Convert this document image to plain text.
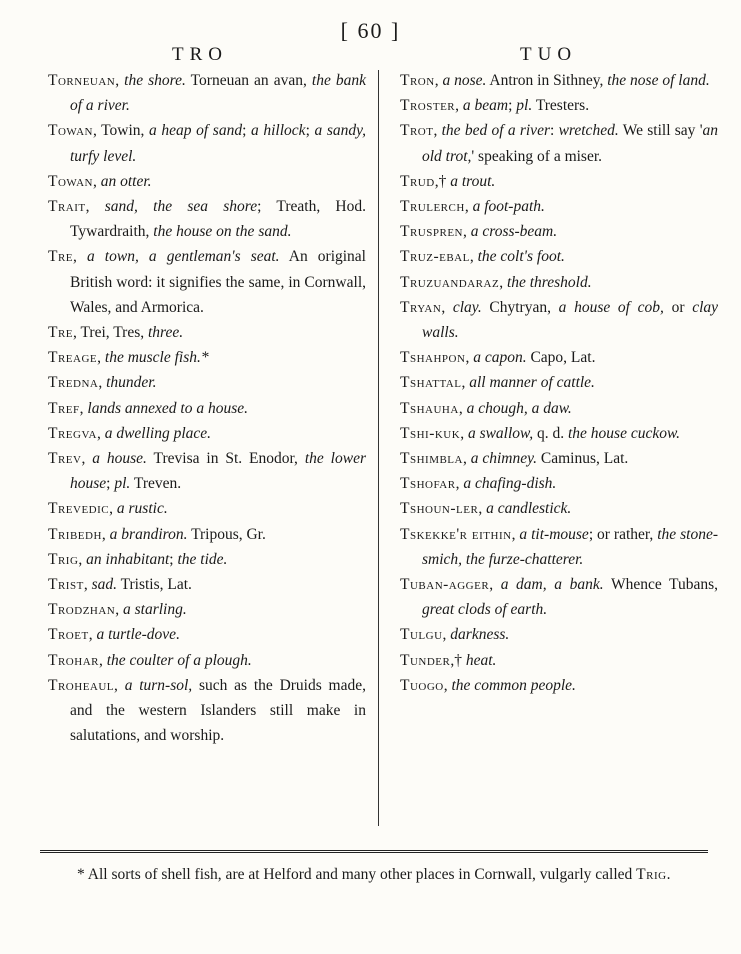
[ 60 ]
TRO	TUO
Torneuan, the shore. Torneuan an avan, the bank of a river.
Towan, Towin, a heap of sand; a hillock; a sandy, turfy level.
Towan, an otter.
Trait, sand, the sea shore; Treath, Hod. Tywardraith, the house on the sand.
Tre, a town, a gentleman's seat. An original British word: it signifies the same, in Cornwall, Wales, and Armorica.
Tre, Trei, Tres, three.
Treage, the muscle fish.*
Tredna, thunder.
Tref, lands annexed to a house.
Tregva, a dwelling place.
Trev, a house. Trevisa in St. Enodor, the lower house; pl. Treven.
Trevedic, a rustic.
Tribedh, a brandiron. Tripous, Gr.
Trig, an inhabitant; the tide.
Trist, sad. Tristis, Lat.
Trodzhan, a starling.
Troet, a turtle-dove.
Trohar, the coulter of a plough.
Troheaul, a turn-sol, such as the Druids made, and the western Islanders still make in salutations, and worship.
Tron, a nose. Antron in Sithney, the nose of land.
Troster, a beam; pl. Tresters.
Trot, the bed of a river: wretched. We still say 'an old trot,' speaking of a miser.
Trud,† a trout.
Trulerch, a foot-path.
Truspren, a cross-beam.
Truz-ebal, the colt's foot.
Truzuandaraz, the threshold.
Tryan, clay. Chytryan, a house of cob, or clay walls.
Tshahpon, a capon. Capo, Lat.
Tshattal, all manner of cattle.
Tshauha, a chough, a daw.
Tshi-kuk, a swallow, q. d. the house cuckow.
Tshimbla, a chimney. Caminus, Lat.
Tshofar, a chafing-dish.
Tshoun-ler, a candlestick.
Tskekke'r eithin, a tit-mouse; or rather, the stone-smich, the furze-chatterer.
Tuban-agger, a dam, a bank. Whence Tubans, great clods of earth.
Tulgu, darkness.
Tunder,† heat.
Tuogo, the common people.
* All sorts of shell fish, are at Helford and many other places in Cornwall, vulgarly called Trig.
